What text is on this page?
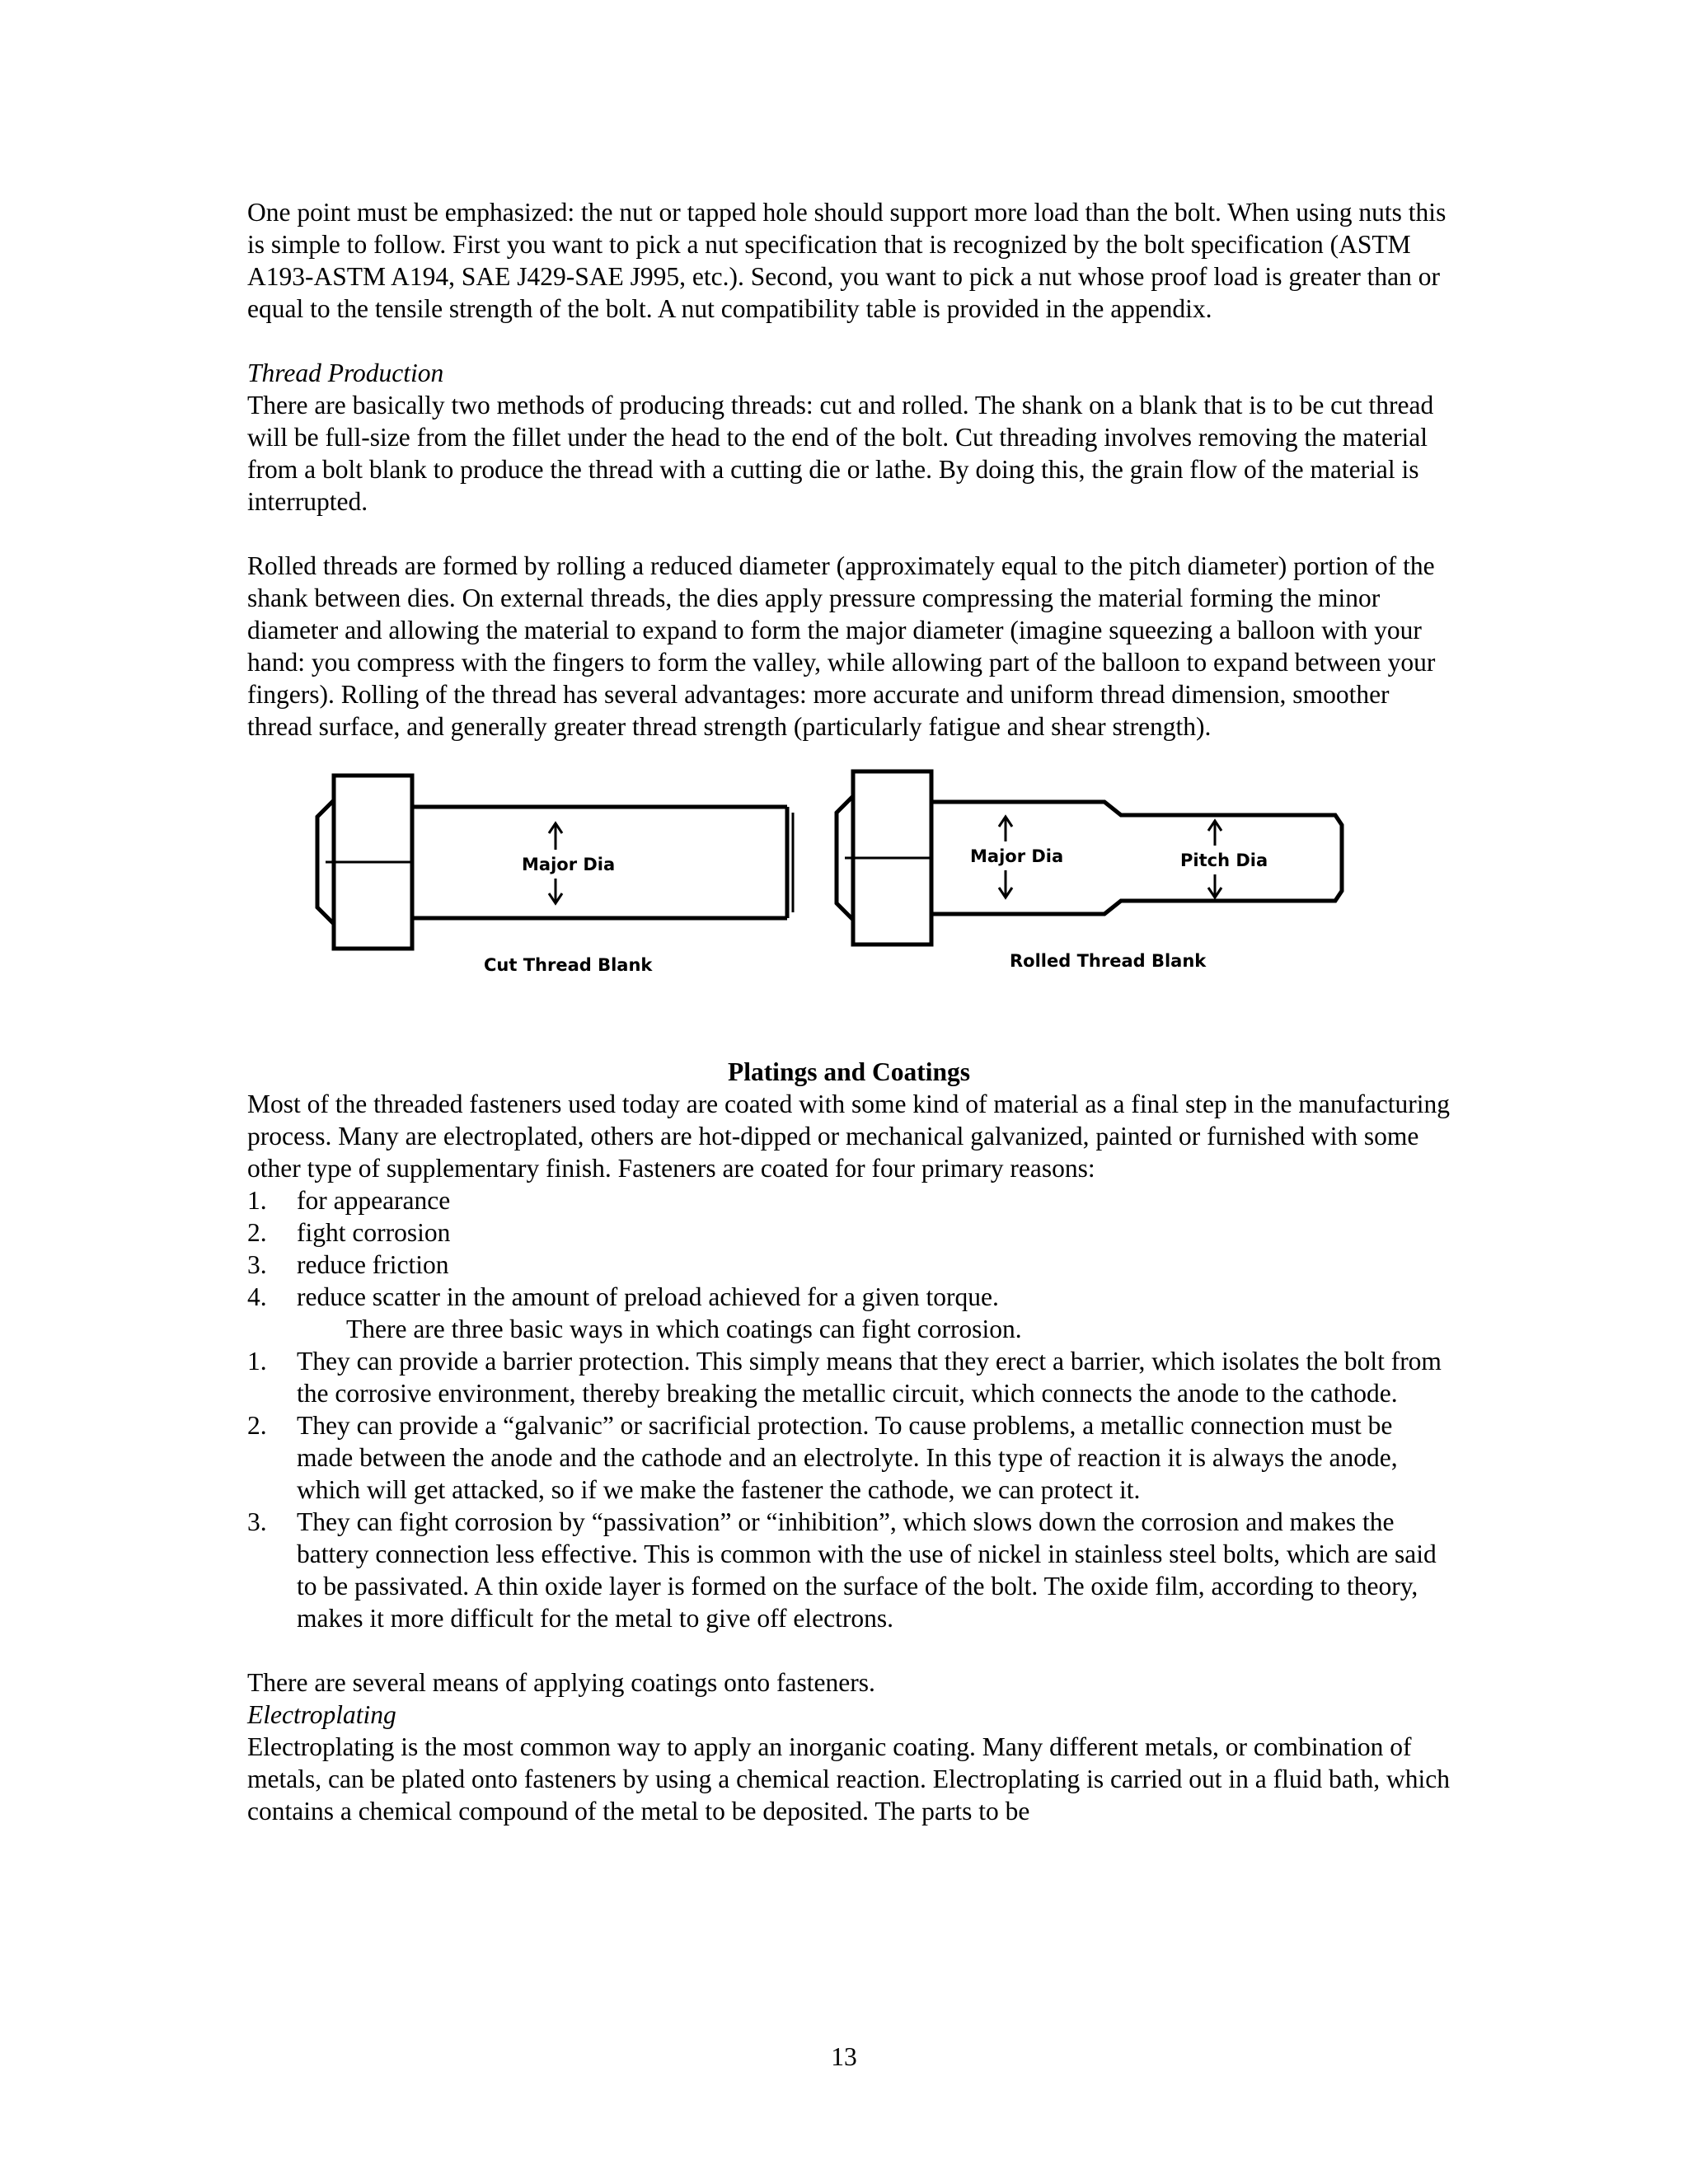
One point must be emphasized: the nut or tapped hole should support more load than the bolt. When using nuts this is simple to follow. First you want to pick a nut specification that is recognized by the bolt specification (ASTM A193-ASTM A194, SAE J429-SAE J995, etc.). Second, you want to pick a nut whose proof load is greater than or equal to the tensile strength of the bolt. A nut compatibility table is provided in the appendix.

Thread Production

There are basically two methods of producing threads: cut and rolled. The shank on a blank that is to be cut thread will be full-size from the fillet under the head to the end of the bolt. Cut threading involves removing the material from a bolt blank to produce the thread with a cutting die or lathe. By doing this, the grain flow of the material is interrupted.

Rolled threads are formed by rolling a reduced diameter (approximately equal to the pitch diameter) portion of the shank between dies. On external threads, the dies apply pressure compressing the material forming the minor diameter and allowing the material to expand to form the major diameter (imagine squeezing a balloon with your hand: you compress with the fingers to form the valley, while allowing part of the balloon to expand between your fingers). Rolling of the thread has several advantages: more accurate and uniform thread dimension, smoother thread surface, and generally greater thread strength (particularly fatigue and shear strength).

Major Dia
Cut Thread Blank
Major Dia	Pitch Dia
Rolled Thread Blank

Platings and Coatings

Most of the threaded fasteners used today are coated with some kind of material as a final step in the manufacturing process. Many are electroplated, others are hot-dipped or mechanical galvanized, painted or furnished with some other type of supplementary finish. Fasteners are coated for four primary reasons:

1. for appearance
2. fight corrosion
3. reduce friction
4. reduce scatter in the amount of preload achieved for a given torque.

There are three basic ways in which coatings can fight corrosion.

1. They can provide a barrier protection. This simply means that they erect a barrier, which isolates the bolt from the corrosive environment, thereby breaking the metallic circuit, which connects the anode to the cathode.
2. They can provide a “galvanic” or sacrificial protection. To cause problems, a metallic connection must be made between the anode and the cathode and an electrolyte. In this type of reaction it is always the anode, which will get attacked, so if we make the fastener the cathode, we can protect it.
3. They can fight corrosion by “passivation” or “inhibition”, which slows down the corrosion and makes the battery connection less effective. This is common with the use of nickel in stainless steel bolts, which are said to be passivated. A thin oxide layer is formed on the surface of the bolt. The oxide film, according to theory, makes it more difficult for the metal to give off electrons.

There are several means of applying coatings onto fasteners.

Electroplating

Electroplating is the most common way to apply an inorganic coating. Many different metals, or combination of metals, can be plated onto fasteners by using a chemical reaction. Electroplating is carried out in a fluid bath, which contains a chemical compound of the metal to be deposited. The parts to be

13
